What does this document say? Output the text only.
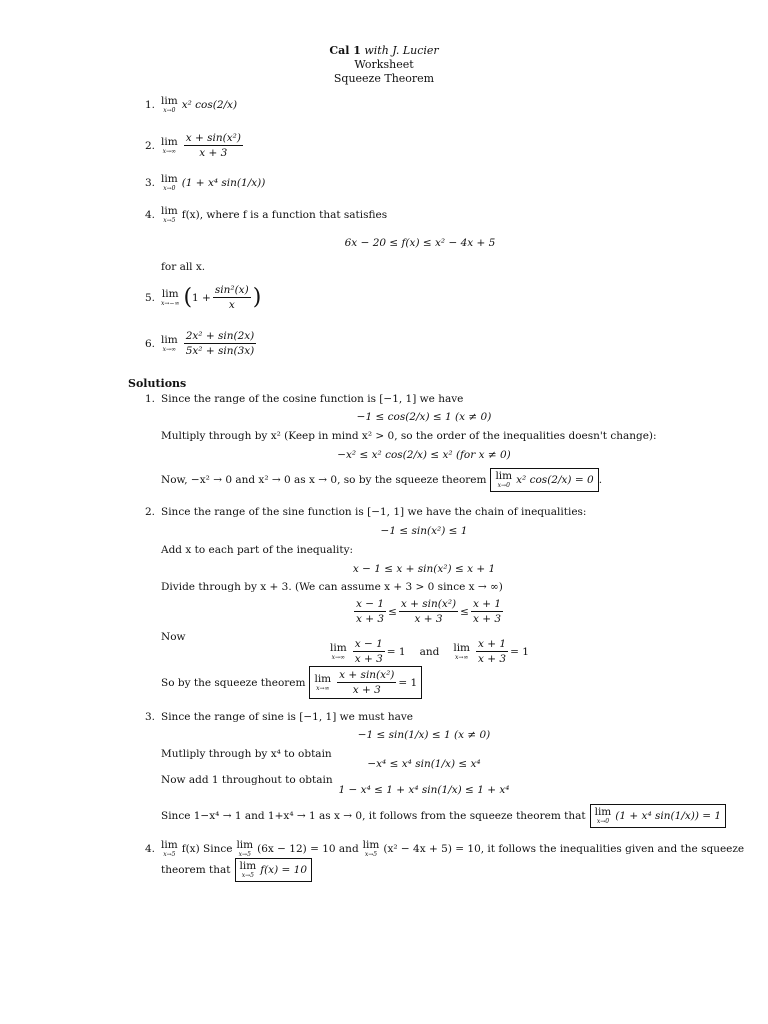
Cal 1 with J. Lucier
Worksheet
Squeeze Theorem
1. lim
x→0 x² cos(2/x)
2. lim
$x\to\infty \frac{\text{x + sin(x²)}}{x + 3}$
3. lim
x→0 (1 + x⁴ sin(1/x))
4. lim
x→5 f(x), where f is a function that satisfies
5. lim
x→−∞ ( $1 + \frac{\text{sin²(x)}}{x}$ )
6. lim
$x\to\infty \frac{\text{2x² + sin(2x)}}{\text{5x² + sin(3x)}}$
6x − 20 ≤ f(x) ≤ x² − 4x + 5
for all x.
Solutions
1. Since the range of the cosine function is [−1, 1] we have
−1 ≤ cos(2/x) ≤ 1 (x ≠ 0)
Multiply through by x² (Keep in mind x² > 0, so the order of the inequalities doesn't change):
−x² ≤ x² cos(2/x) ≤ x² (for x ≠ 0)
Now, −x² → 0 and x² → 0 as x → 0, so by the squeeze theorem lim
x→0 x² cos(2/x) = 0 .
2. Since the range of the sine function is [−1, 1] we have the chain of inequalities:
−1 ≤ sin(x²) ≤ 1
Add x to each part of the inequality:
x − 1 ≤ x + sin(x²) ≤ x + 1
Divide through by x + 3. (We can assume x + 3 > 0 since x → ∞)
$\frac{x - 1}{x + 3} \le \frac{\text{x + sin(x²)}}{x + 3} \le \frac{x + 1}{x + 3}$
Now
lim
$x\to\infty \frac{x - 1}{x + 3} = 1$ and lim
$x\to\infty \frac{x + 1}{x + 3} = 1$
So by the squeeze theorem lim
$x\to\infty \frac{\text{x + sin(x²)}}{x + 3} = 1$
3. Since the range of sine is [−1, 1] we must have
−1 ≤ sin(1/x) ≤ 1 (x ≠ 0)
Mutliply through by x⁴ to obtain
−x⁴ ≤ x⁴ sin(1/x) ≤ x⁴
Now add 1 throughout to obtain
1 − x⁴ ≤ 1 + x⁴ sin(1/x) ≤ 1 + x⁴
Since 1−x⁴ → 1 and 1+x⁴ → 1 as x → 0, it follows from the squeeze theorem that lim
x→0 (1 + x⁴ sin(1/x)) = 1
4. lim
x→5 f(x) Since lim
x→5 (6x − 12) = 10 and lim
x→5 (x² − 4x + 5) = 10, it follows the inequalities given and the squeeze
theorem that lim
x→5 f(x) = 10
